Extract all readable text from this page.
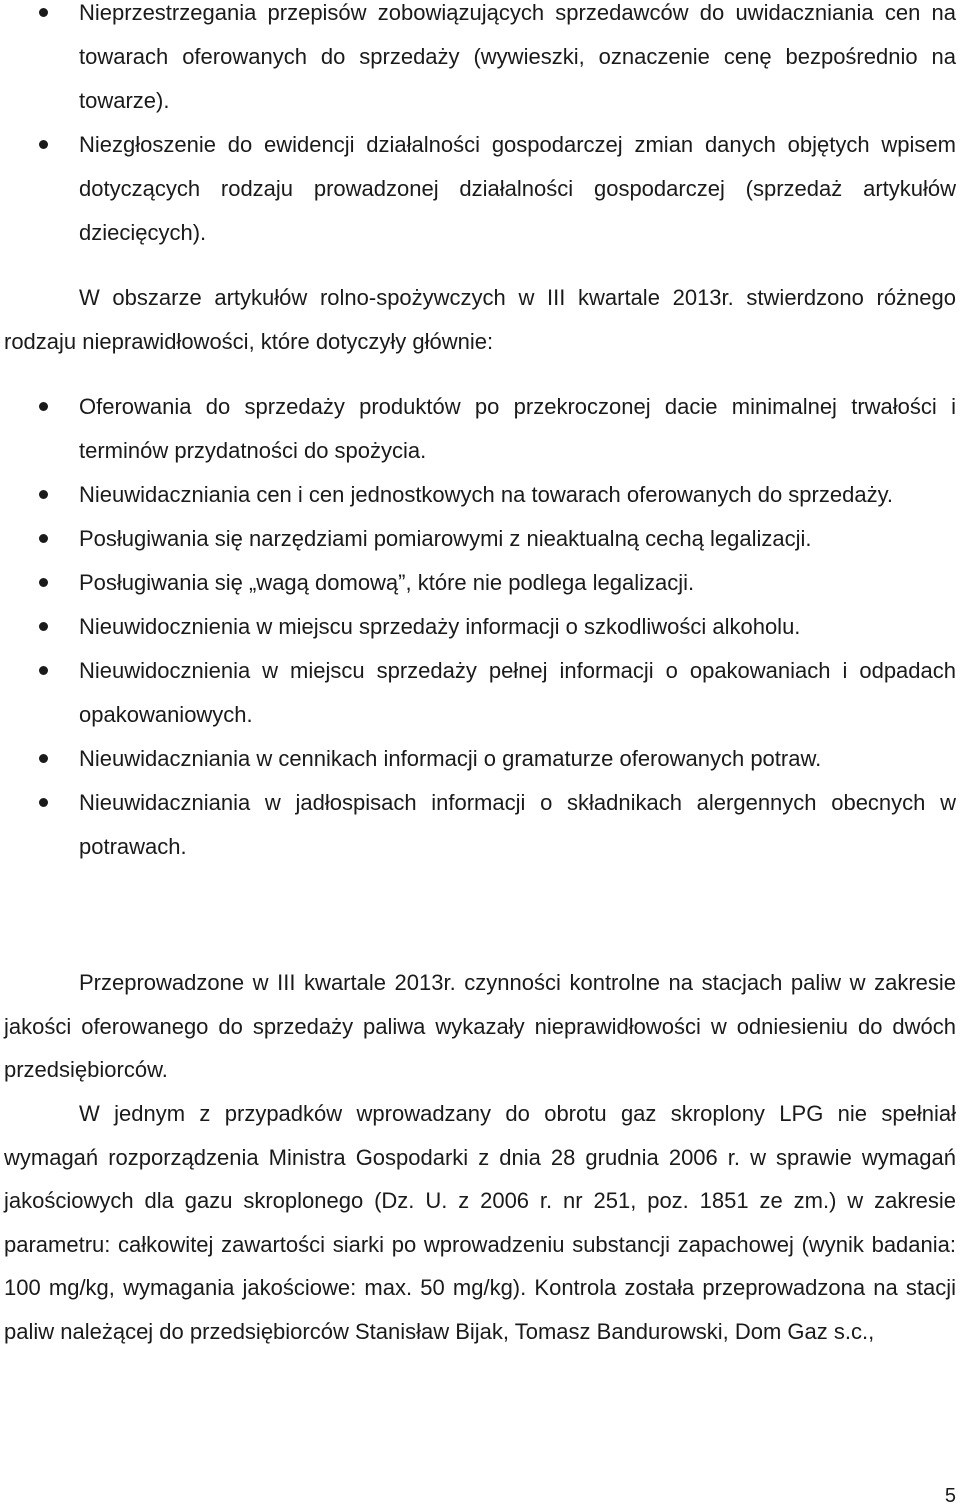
Nieprzestrzegania przepisów zobowiązujących sprzedawców do uwidaczniania cen na towarach oferowanych do sprzedaży (wywieszki, oznaczenie cenę bezpośrednio na towarze).
Niezgłoszenie do ewidencji działalności gospodarczej zmian danych objętych wpisem dotyczących rodzaju prowadzonej działalności gospodarczej (sprzedaż artykułów dziecięcych).

W obszarze artykułów rolno-spożywczych w III kwartale 2013r. stwierdzono różnego rodzaju nieprawidłowości, które dotyczyły głównie:

Oferowania do sprzedaży produktów po przekroczonej dacie minimalnej trwałości i terminów przydatności do spożycia.
Nieuwidaczniania cen i cen jednostkowych na towarach oferowanych do sprzedaży.
Posługiwania się narzędziami pomiarowymi z nieaktualną cechą legalizacji.
Posługiwania się „wagą domową”, które nie podlega legalizacji.
Nieuwidocznienia w miejscu sprzedaży informacji o szkodliwości alkoholu.
Nieuwidocznienia w miejscu sprzedaży pełnej informacji o opakowaniach i odpadach opakowaniowych.
Nieuwidaczniania w cennikach informacji o gramaturze oferowanych potraw.
Nieuwidaczniania w jadłospisach informacji o składnikach alergennych obecnych w potrawach.

Przeprowadzone w III kwartale 2013r. czynności kontrolne na stacjach paliw w zakresie jakości oferowanego do sprzedaży paliwa wykazały nieprawidłowości w odniesieniu do dwóch przedsiębiorców.

W jednym z przypadków wprowadzany do obrotu gaz skroplony LPG nie spełniał wymagań rozporządzenia Ministra Gospodarki z dnia 28 grudnia 2006 r. w sprawie wymagań jakościowych dla gazu skroplonego (Dz. U. z 2006 r. nr 251, poz. 1851 ze zm.) w zakresie parametru: całkowitej zawartości siarki po wprowadzeniu substancji zapachowej (wynik badania: 100 mg/kg, wymagania jakościowe: max. 50 mg/kg). Kontrola została przeprowadzona na stacji paliw należącej do przedsiębiorców Stanisław Bijak, Tomasz Bandurowski, Dom Gaz s.c.,

5
